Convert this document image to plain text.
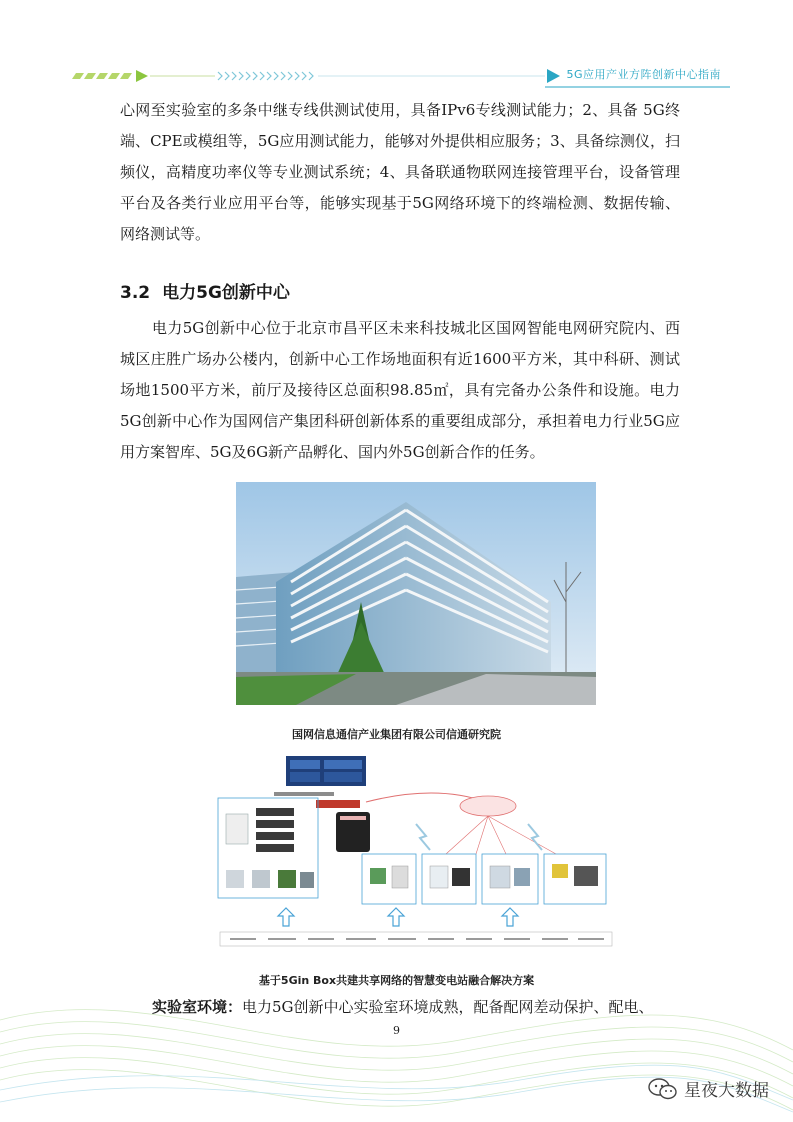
5G应用产业方阵创新中心指南

心网至实验室的多条中继专线供测试使用，具备IPv6专线测试能力；2、具备 5G终端、CPE或模组等，5G应用测试能力，能够对外提供相应服务；3、具备综测仪，扫频仪，高精度功率仪等专业测试系统；4、具备联通物联网连接管理平台，设备管理平台及各类行业应用平台等，能够实现基于5G网络环境下的终端检测、数据传输、网络测试等。

3.2 电力5G创新中心

电力5G创新中心位于北京市昌平区未来科技城北区国网智能电网研究院内、西城区庄胜广场办公楼内，创新中心工作场地面积有近1600平方米，其中科研、测试场地1500平方米，前厅及接待区总面积98.85㎡，具有完备办公条件和设施。电力5G创新中心作为国网信产集团科研创新体系的重要组成部分，承担着电力行业5G应用方案智库、5G及6G新产品孵化、国内外5G创新合作的任务。

国网信息通信产业集团有限公司信通研究院
基于5Gin Box共建共享网络的智慧变电站融合解决方案

实验室环境：电力5G创新中心实验室环境成熟，配备配网差动保护、配电、

9
星夜大数据
